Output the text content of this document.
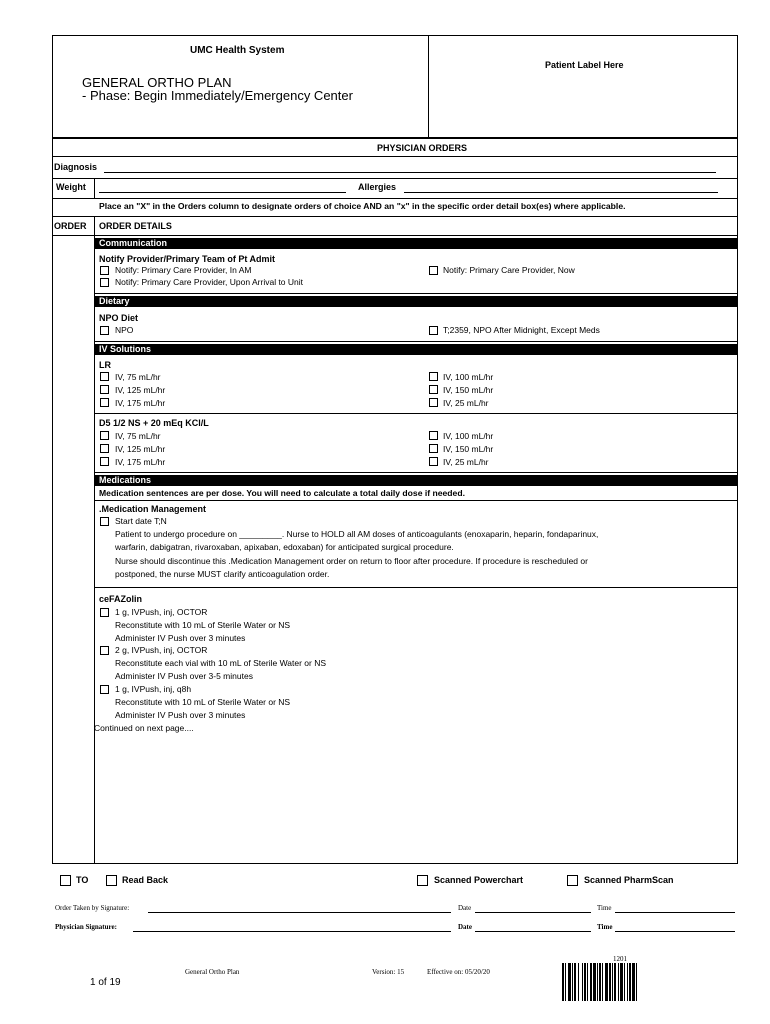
UMC Health System
GENERAL ORTHO PLAN
- Phase: Begin Immediately/Emergency Center
Patient Label Here
PHYSICIAN ORDERS
Diagnosis
Weight	Allergies
Place an "X" in the Orders column to designate orders of choice AND an "x" in the specific order detail box(es) where applicable.
ORDER ORDER DETAILS
Communication
Notify Provider/Primary Team of Pt Admit
Notify: Primary Care Provider, In AM
Notify: Primary Care Provider, Upon Arrival to Unit
Notify: Primary Care Provider, Now
Dietary
NPO Diet
NPO	T;2359, NPO After Midnight, Except Meds
IV Solutions
LR
IV, 75 mL/hr
IV, 125 mL/hr
IV, 175 mL/hr
IV, 100 mL/hr
IV, 150 mL/hr
IV, 25 mL/hr
D5 1/2 NS + 20 mEq KCl/L
IV, 75 mL/hr
IV, 125 mL/hr
IV, 175 mL/hr
IV, 100 mL/hr
IV, 150 mL/hr
IV, 25 mL/hr
Medications
Medication sentences are per dose. You will need to calculate a total daily dose if needed.
.Medication Management
Start date T;N
Patient to undergo procedure on _________. Nurse to HOLD all AM doses of anticoagulants (enoxaparin, heparin, fondaparinux,
warfarin, dabigatran, rivaroxaban, apixaban, edoxaban) for anticipated surgical procedure.
Nurse should discontinue this .Medication Management order on return to floor after procedure. If procedure is rescheduled or
postponed, the nurse MUST clarify anticoagulation order.
ceFAZolin
1 g, IVPush, inj, OCTOR
Reconstitute with 10 mL of Sterile Water or NS
Administer IV Push over 3 minutes
2 g, IVPush, inj, OCTOR
Reconstitute each vial with 10 mL of Sterile Water or NS
Administer IV Push over 3-5 minutes
1 g, IVPush, inj, q8h
Reconstitute with 10 mL of Sterile Water or NS
Administer IV Push over 3 minutes
Continued on next page....
TO	Read Back	Scanned Powerchart	Scanned PharmScan
Order Taken by Signature:	Date	Time
Physician Signature:	Date	Time
General Ortho Plan	Version: 15	Effective on: 05/20/20
1 of 19
1201
